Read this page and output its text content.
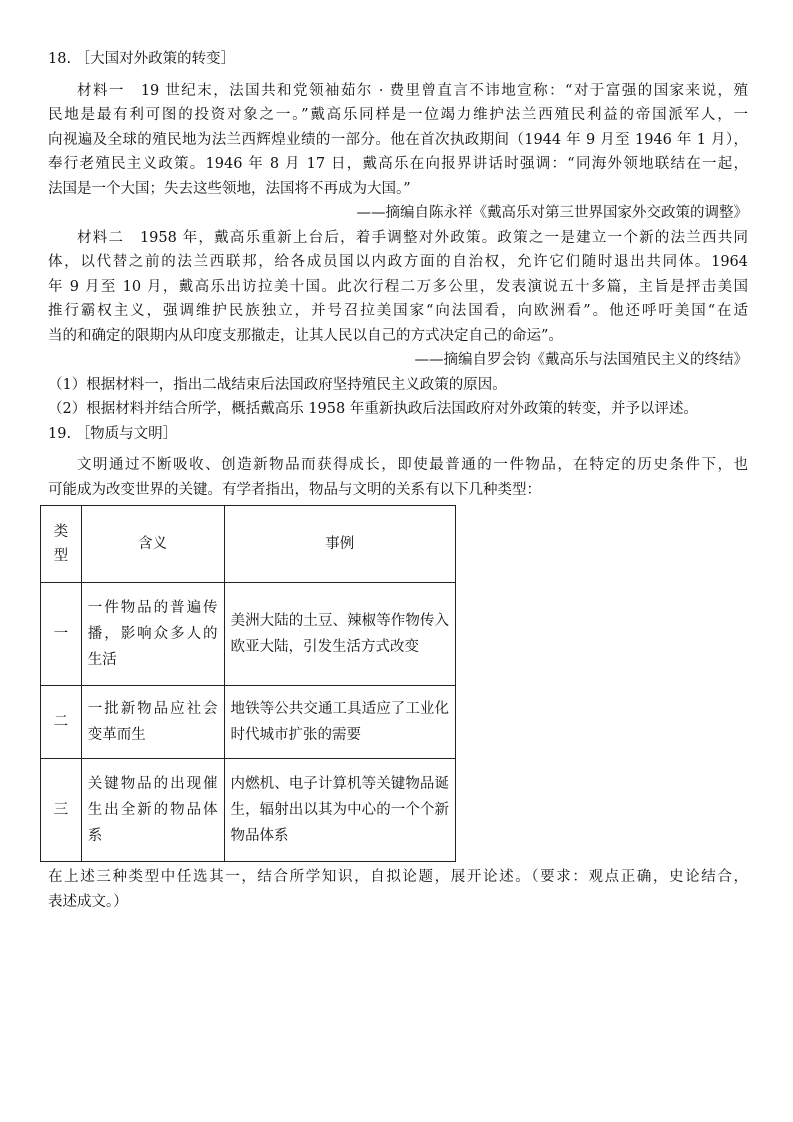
18. ［大国对外政策的转变］
材料一　19 世纪末，法国共和党领袖茹尔 · 费里曾直言不讳地宣称：“对于富强的国家来说，殖
民地是最有利可图的投资对象之一。”戴高乐同样是一位竭力维护法兰西殖民利益的帝国派军人，一
向视遍及全球的殖民地为法兰西辉煌业绩的一部分。他在首次执政期间（1944 年 9 月至 1946 年 1 月），
奉行老殖民主义政策。1946 年 8 月 17 日，戴高乐在向报界讲话时强调：“同海外领地联结在一起，
法国是一个大国；失去这些领地，法国将不再成为大国。”
——摘编自陈永祥《戴高乐对第三世界国家外交政策的调整》
材料二　1958 年，戴高乐重新上台后，着手调整对外政策。政策之一是建立一个新的法兰西共同
体，以代替之前的法兰西联邦，给各成员国以内政方面的自治权，允许它们随时退出共同体。1964
年 9 月至 10 月，戴高乐出访拉美十国。此次行程二万多公里，发表演说五十多篇，主旨是抨击美国
推行霸权主义，强调维护民族独立，并号召拉美国家“向法国看，向欧洲看”。他还呼吁美国“在适
当的和确定的限期内从印度支那撤走，让其人民以自己的方式决定自己的命运”。
——摘编自罗会钧《戴高乐与法国殖民主义的终结》
（1）根据材料一，指出二战结束后法国政府坚持殖民主义政策的原因。
（2）根据材料并结合所学，概括戴高乐 1958 年重新执政后法国政府对外政策的转变，并予以评述。
19. ［物质与文明］
文明通过不断吸收、创造新物品而获得成长，即使最普通的一件物品，在特定的历史条件下，也
可能成为改变世界的关键。有学者指出，物品与文明的关系有以下几种类型：
类
型	含义	事例
一	一件物品的普遍传播，影响众多人的生活	美洲大陆的土豆、辣椒等作物传入欧亚大陆，引发生活方式改变
二	一批新物品应社会变革而生	地铁等公共交通工具适应了工业化时代城市扩张的需要
三	关键物品的出现催生出全新的物品体系	内燃机、电子计算机等关键物品诞生，辐射出以其为中心的一个个新物品体系
在上述三种类型中任选其一，结合所学知识，自拟论题，展开论述。（要求：观点正确，史论结合，
表述成文。）
